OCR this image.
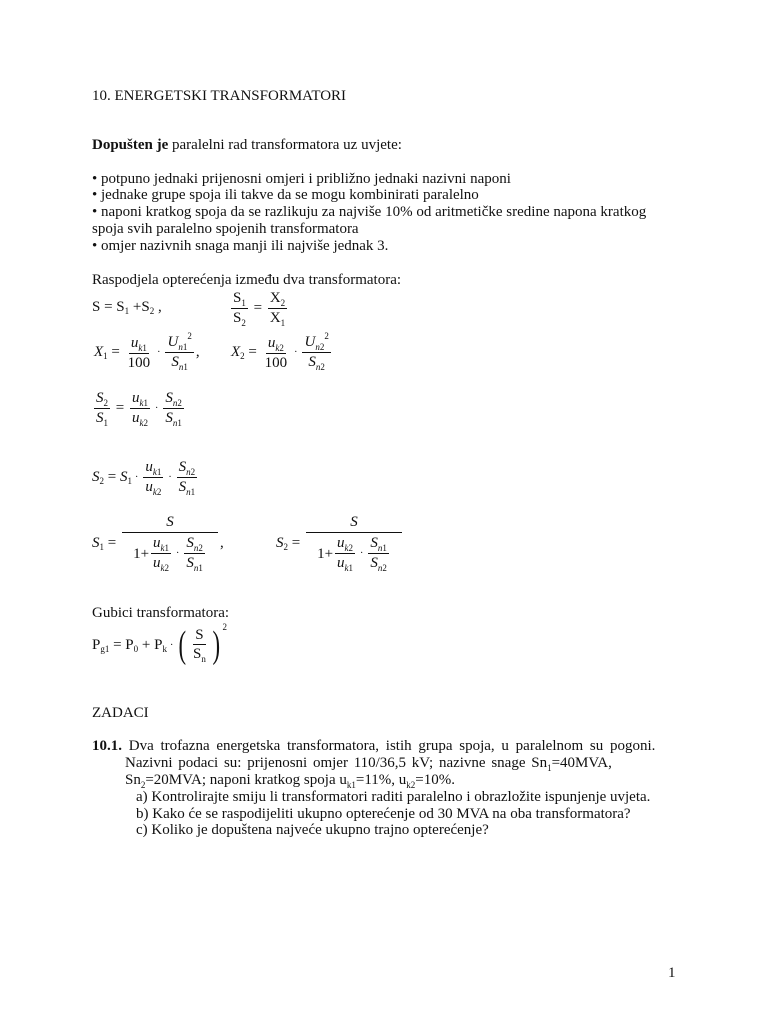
10. ENERGETSKI TRANSFORMATORI
Dopušten je paralelni rad transformatora uz uvjete:
• potpuno jednaki prijenosni omjeri i približno jednaki nazivni naponi
• jednake grupe spoja ili takve da se mogu kombinirati paralelno
• naponi kratkog spoja da se razlikuju za najviše 10% od aritmetičke sredine napona kratkog
spoja svih paralelno spojenih transformatora
• omjer nazivnih snaga manji ili najviše jednak 3.
Raspodjela opterećenja između dva transformatora:
S = S 1 +S 2 ,	$\frac{S_1}{S_2} = \frac{X_2}{X_1}$
X $1 = \frac{u_{k1}}{100} \cdot \frac{U_{n1}^2}{S_{n1}}$ , X $2 = \frac{u_{k2}}{100} \cdot \frac{U_{n2}^2}{S_{n2}}$
$\frac{S_2}{S_1} = \frac{u_{k1}}{u_{k2}} \cdot \frac{S_{n2}}{S_{n1}}$
S 2 = S $1 \cdot \frac{u_{k1}}{u_{k2}} \cdot \frac{S_{n2}}{S_{n1}}$
S $1 = \frac{S}{1+ \frac{u_{k1}}{u_{k2}} \cdot \frac{S_{n2}}{S_{n1}}}$ ,	S $2 = \frac{S}{1+ \frac{u_{k2}}{u_{k1}} \cdot \frac{S_{n1}}{S_{n2}}}$
Gubici transformatora:
P g1 = P 0 + P k · ( $\frac{S}{S_n}$ ) 2
ZADACI
10.1. Dva trofazna energetska transformatora, istih grupa spoja, u paralelnom su pogoni.
Nazivni podaci su: prijenosni omjer 110/36,5 kV; nazivne snage $Sn_1=40MVA$,
$Sn_2=20MVA$; naponi kratkog spoja $u_{k1}=11\%$, $u_{k2}=10\%$.
a) Kontrolirajte smiju li transformatori raditi paralelno i obrazložite ispunjenje uvjeta.
b) Kako će se raspodijeliti ukupno opterećenje od 30 MVA na oba transformatora?
c) Koliko je dopuštena najveće ukupno trajno opterećenje?
1
